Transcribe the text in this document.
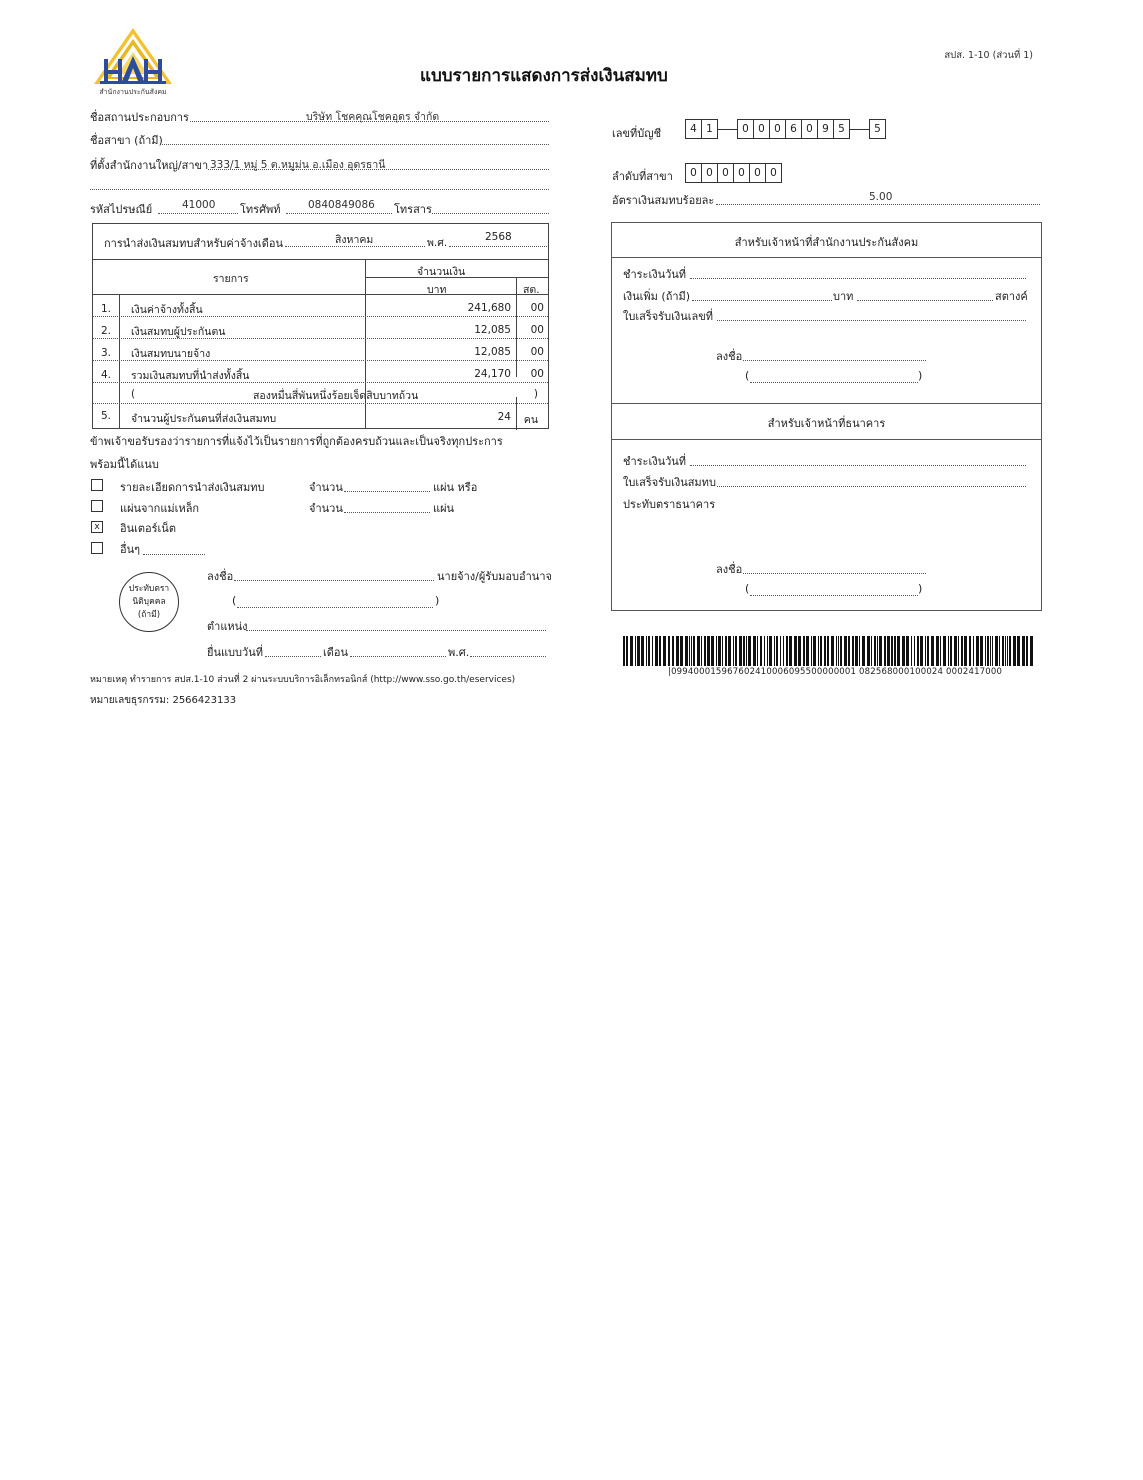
สำนักงานประกันสังคม
สปส. 1-10 (ส่วนที่ 1)
แบบรายการแสดงการส่งเงินสมทบ
ชื่อสถานประกอบการ	บริษัท โชคคุณโชคอุดร จำกัด
ชื่อสาขา (ถ้ามี)
ที่ตั้งสำนักงานใหญ่/สาขา 333/1 หมู่ 5 ต.หมูม่น อ.เมือง อุดรธานี
รหัสไปรษณีย์	41000 โทรศัพท์	0840849086 โทรสาร
เลขที่บัญชี	4 1	0 0 0 6 0 9 5	5
ลำดับที่สาขา	0 0 0 0 0 0
อัตราเงินสมทบร้อยละ	5.00
การนำส่งเงินสมทบสำหรับค่าจ้างเดือน	สิงหาคม	พ.ศ.	2568
รายการ
จำนวนเงิน
บาท	สต.
1. เงินค่าจ้างทั้งสิ้น	241,680 00
2. เงินสมทบผู้ประกันตน	12,085 00
3. เงินสมทบนายจ้าง	12,085 00
4. รวมเงินสมทบที่นำส่งทั้งสิ้น	24,170 00
(	สองหมื่นสี่พันหนึ่งร้อยเจ็ดสิบบาทถ้วน	)
5. จำนวนผู้ประกันตนที่ส่งเงินสมทบ	24 คน
ข้าพเจ้าขอรับรองว่ารายการที่แจ้งไว้เป็นรายการที่ถูกต้องครบถ้วนและเป็นจริงทุกประการ
พร้อมนี้ได้แนบ
รายละเอียดการนำส่งเงินสมทบ	จำนวน	แผ่น หรือ
แผ่นจากแม่เหล็ก	จำนวน	แผ่น
x	อินเตอร์เน็ต
อื่นๆ
ประทับตรา
นิติบุคคล
(ถ้ามี)
ลงชื่อ	นายจ้าง/ผู้รับมอบอำนาจ
(	)
ตำแหน่ง
ยื่นแบบวันที่	เดือน	พ.ศ.
หมายเหตุ ทำรายการ สปส.1-10 ส่วนที่ 2 ผ่านระบบบริการอิเล็กทรอนิกส์ (http://www.sso.go.th/eservices)
หมายเลขธุรกรรม: 2566423133
สำหรับเจ้าหน้าที่สำนักงานประกันสังคม
ชำระเงินวันที่
เงินเพิ่ม (ถ้ามี)	บาท	สตางค์
ใบเสร็จรับเงินเลขที่
ลงชื่อ
(	)
สำหรับเจ้าหน้าที่ธนาคาร
ชำระเงินวันที่
ใบเสร็จรับเงินสมทบ
ประทับตราธนาคาร
ลงชื่อ
(	)
|099400015967602410006095500000001 082568000100024 0002417000
